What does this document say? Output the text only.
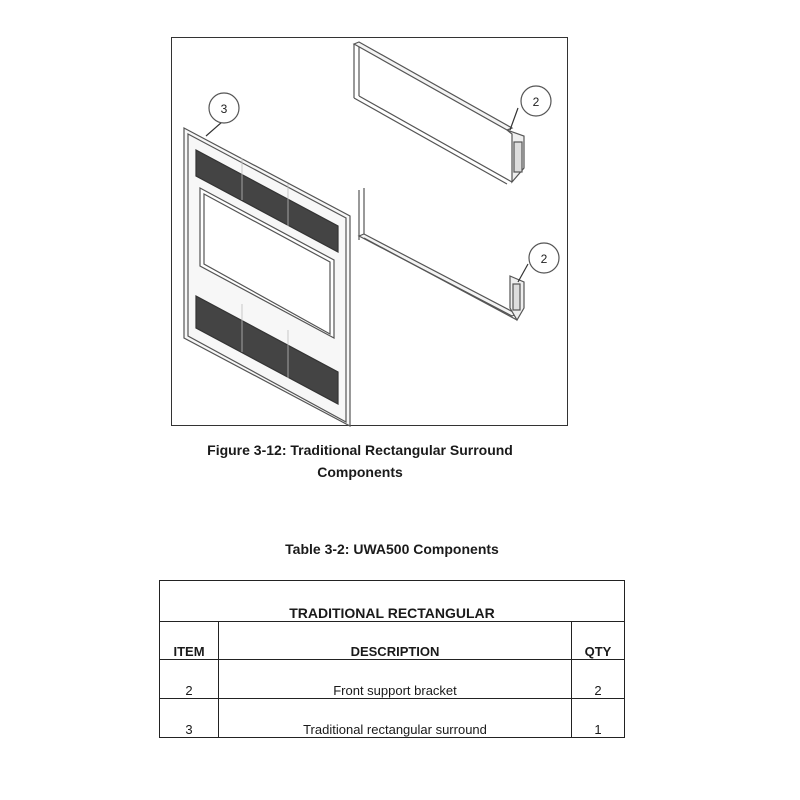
3	2
2
Figure 3-12: Traditional Rectangular Surround
Components
Table 3-2: UWA500 Components
TRADITIONAL RECTANGULAR		
ITEM	DESCRIPTION	QTY
2	Front support bracket	2
3	Traditional rectangular surround	1
